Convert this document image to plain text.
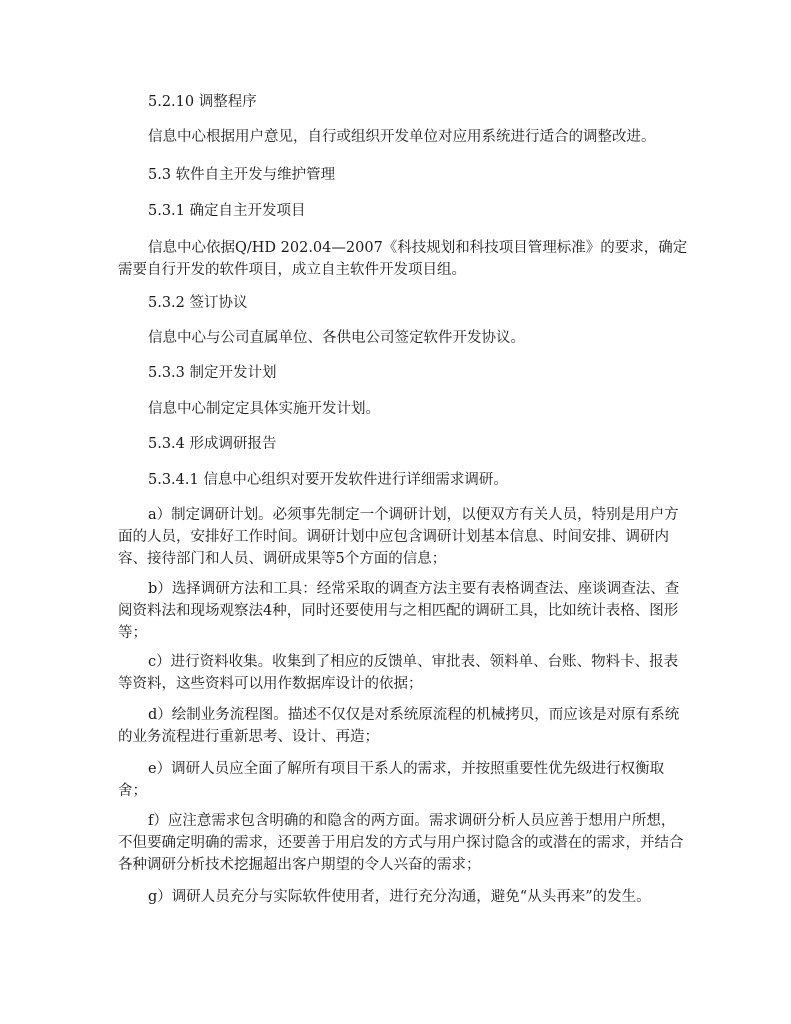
5.2.10 调整程序
信息中心根据用户意见，自行或组织开发单位对应用系统进行适合的调整改进。
5.3 软件自主开发与维护管理
5.3.1 确定自主开发项目
信息中心依据Q/HD 202.04—2007《科技规划和科技项目管理标准》的要求，确定需要自行开发的软件项目，成立自主软件开发项目组。
5.3.2 签订协议
信息中心与公司直属单位、各供电公司签定软件开发协议。
5.3.3 制定开发计划
信息中心制定定具体实施开发计划。
5.3.4 形成调研报告
5.3.4.1 信息中心组织对要开发软件进行详细需求调研。
a）制定调研计划。必须事先制定一个调研计划，以便双方有关人员，特别是用户方面的人员，安排好工作时间。调研计划中应包含调研计划基本信息、时间安排、调研内容、接待部门和人员、调研成果等5个方面的信息；
b）选择调研方法和工具：经常采取的调查方法主要有表格调查法、座谈调查法、查阅资料法和现场观察法4种，同时还要使用与之相匹配的调研工具，比如统计表格、图形等；
c）进行资料收集。收集到了相应的反馈单、审批表、领料单、台账、物料卡、报表等资料，这些资料可以用作数据库设计的依据；
d）绘制业务流程图。描述不仅仅是对系统原流程的机械拷贝，而应该是对原有系统的业务流程进行重新思考、设计、再造；
e）调研人员应全面了解所有项目干系人的需求，并按照重要性优先级进行权衡取舍；
f）应注意需求包含明确的和隐含的两方面。需求调研分析人员应善于想用户所想，不但要确定明确的需求，还要善于用启发的方式与用户探讨隐含的或潜在的需求，并结合各种调研分析技术挖掘超出客户期望的令人兴奋的需求；
g）调研人员充分与实际软件使用者，进行充分沟通，避免“从头再来”的发生。
